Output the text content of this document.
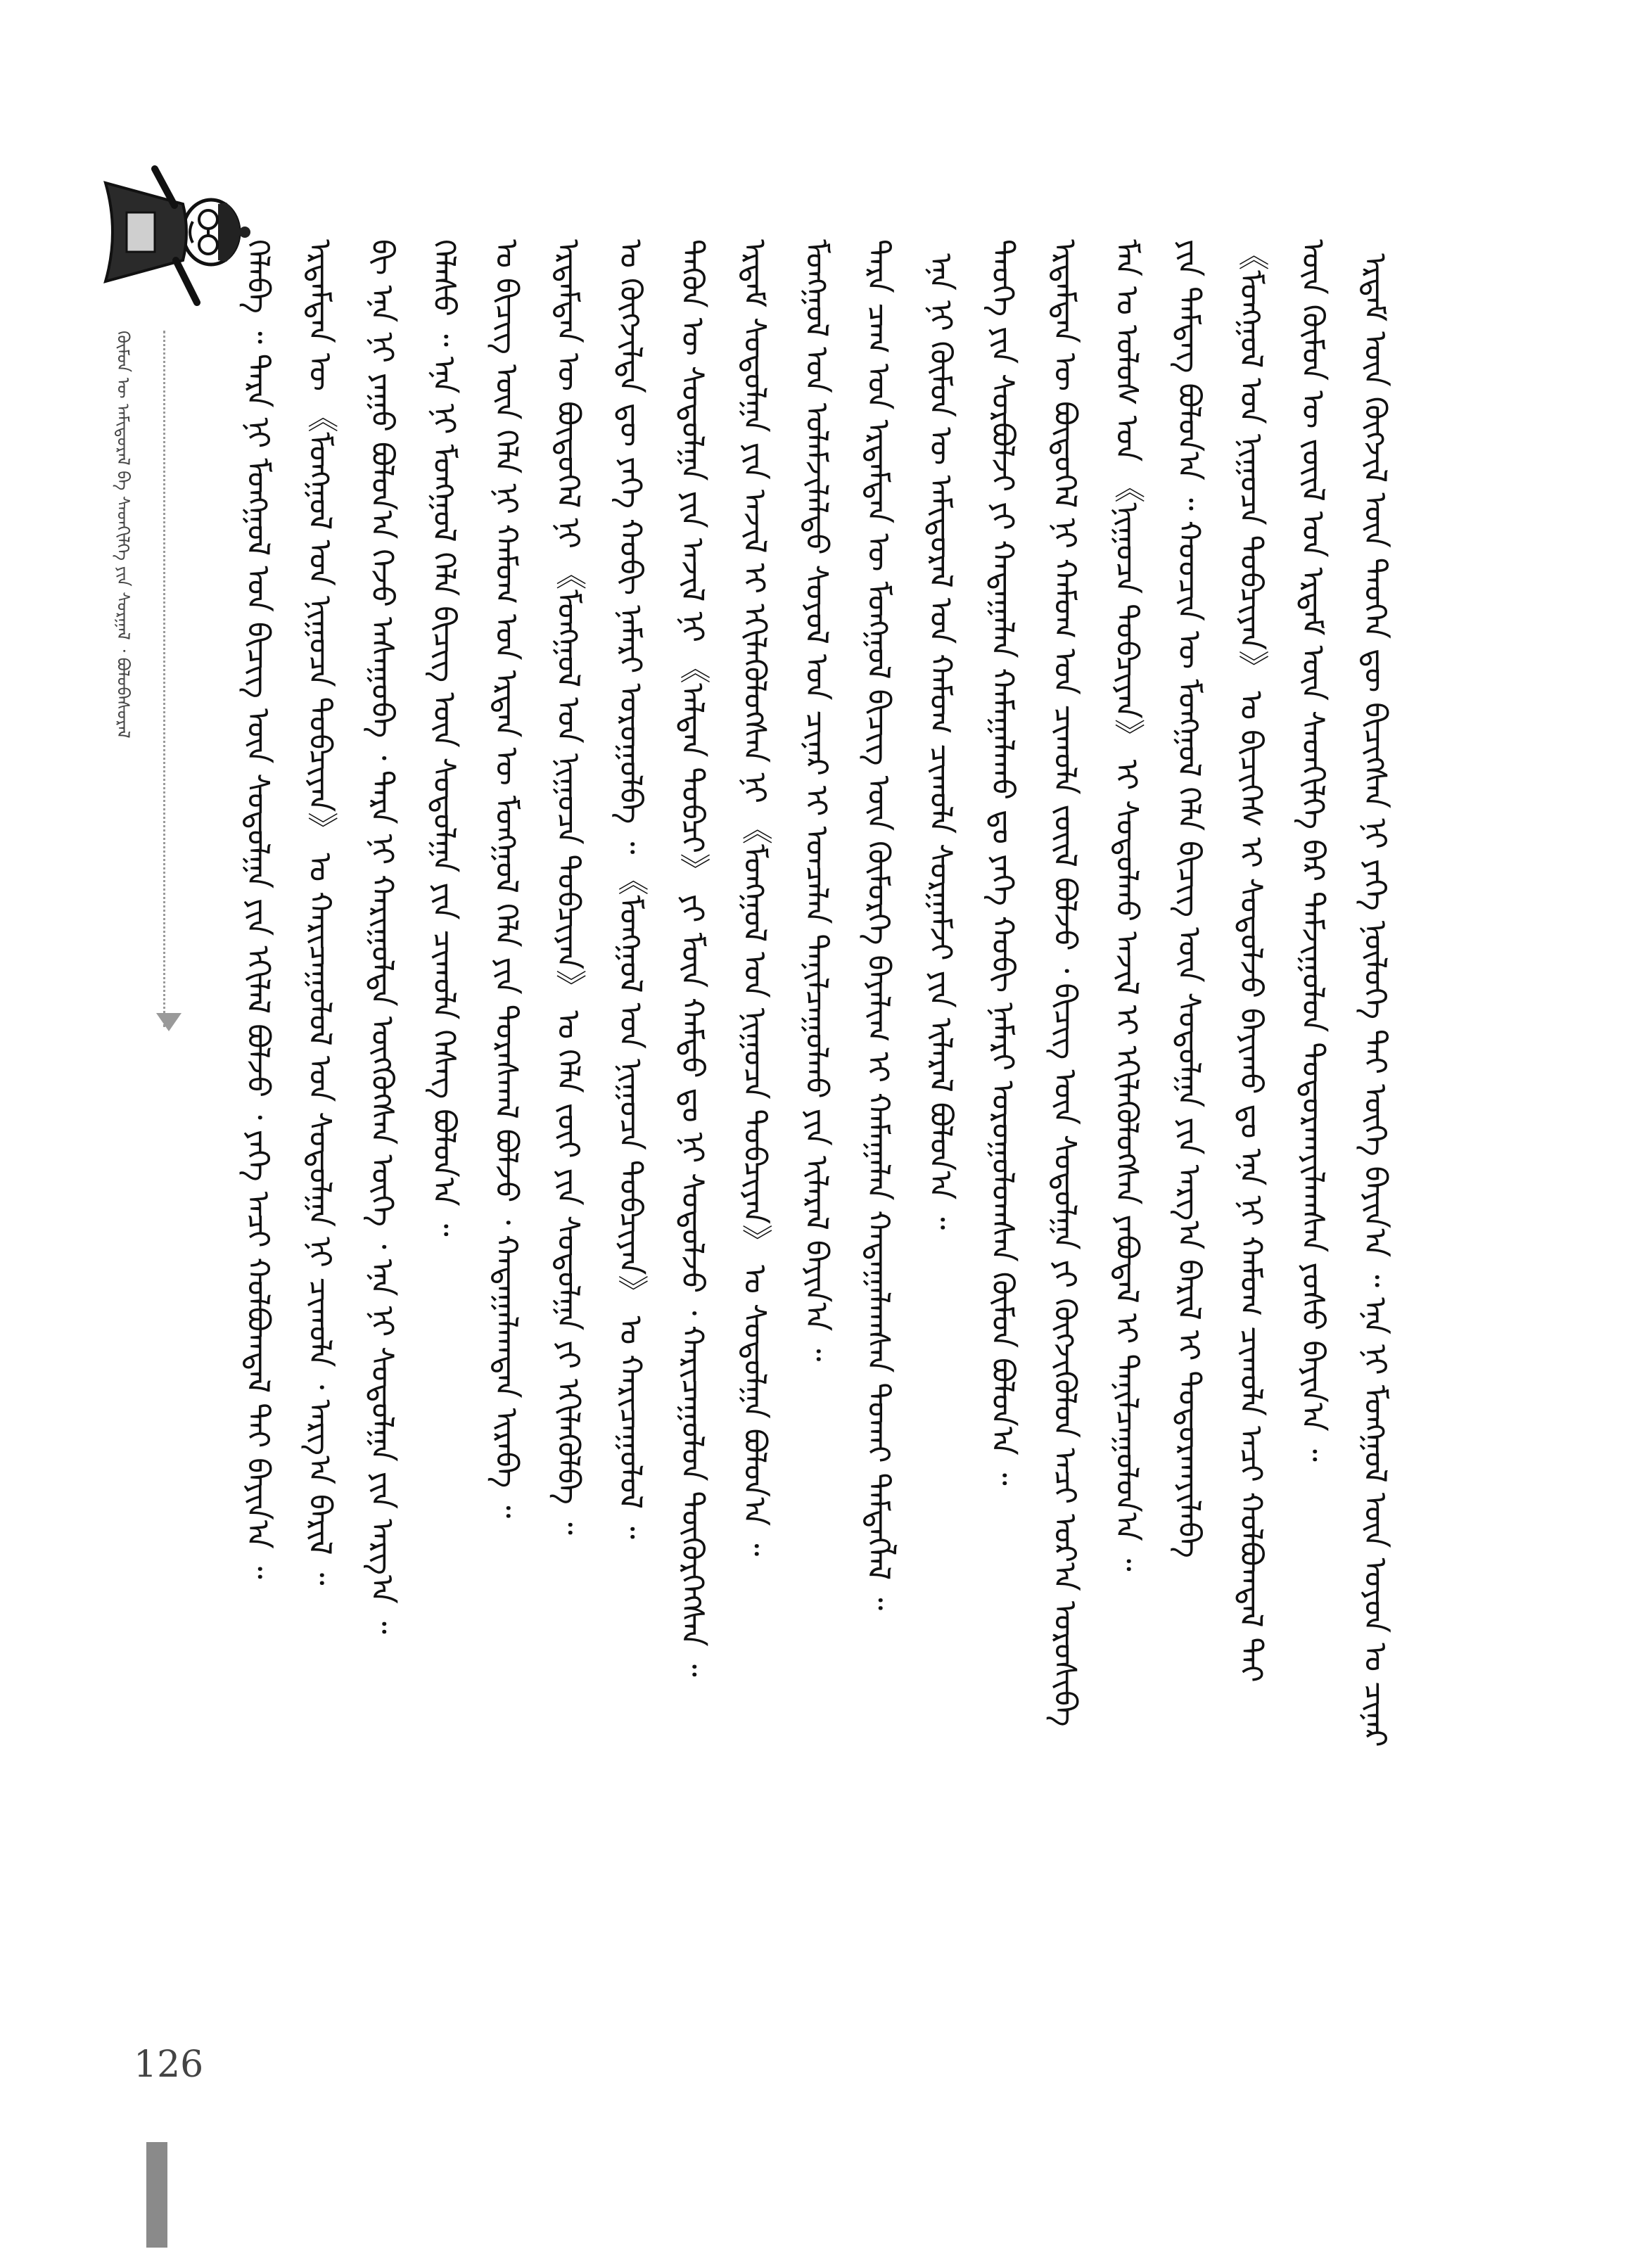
ᠬᠦᠮᠦᠨ ᠦ ᠠᠮᠢᠳᠤᠷᠠᠯ ᠪᠠ ᠰᠡᠳᠬᠢᠯᠭᠡ ᠶᠢᠨ ᠰᠤᠷᠭᠠᠯ ᠂ ᠪᠤᠯᠤᠪᠠᠰᠤᠷᠠᠯ	ᠬᠡᠯᠡᠪᠡ ᠃ ᠲᠡᠷᠡ ᠨᠢ ᠮᠣᠩᠭᠣᠯ ᠤᠨ ᠪᠢᠴᠢᠭ ᠦᠨ ᠰᠤᠳᠤᠯᠭᠠ ᠶᠢᠨ ᠡᠬᠢᠯᠡᠯ ᠪᠣᠯᠵᠤ ᠂ ᠶᠡᠬᠡ ᠠᠴᠢ ᠬᠣᠯᠪᠣᠭᠳᠠᠯ ᠲᠠᠢ ᠪᠠᠶᠢᠨ᠎ᠠ ᠃ ᠡᠷᠳᠡᠮᠲᠡᠨ ᠦ 《ᠮᠣᠩᠭᠣᠯ ᠤᠨ ᠨᠢᠭᠤᠴᠠ ᠲᠣᠪᠴᠢᠶᠠᠨ》 ᠤ ᠬᠠᠷᠢᠴᠠᠭᠤᠯᠤᠯ ᠤᠨ ᠰᠤᠳᠤᠯᠭᠠ ᠨᠢ ᠴᠢᠬᠤᠯᠠ ᠂ ᠠᠷᠭ᠎ᠠ ᠪᠠᠷᠢᠯ ᠃ ᠪᠢ ᠡᠨᠡ ᠨᠢ ᠶᠠᠭᠤ ᠪᠣᠯᠤᠨ᠎ᠠ ᠭᠡᠵᠦ ᠠᠰᠠᠭᠤᠪᠠ ᠂ ᠲᠡᠷᠡ ᠨᠢ ᠬᠠᠷᠢᠭᠤᠯᠲᠠ ᠥᠭᠭᠦᠭᠰᠡᠨ ᠦᠭᠡ ᠂ ᠡᠨᠡ ᠨᠢ ᠰᠤᠳᠤᠯᠭᠠ ᠶᠢᠨ ᠠᠷᠭ᠎ᠠ ᠃ ᠬᠡᠯᠡᠰᠦ ᠃ ᠡᠨᠡ ᠨᠢ ᠮᠣᠩᠭᠣᠯ ᠬᠡᠯᠡ ᠪᠢᠴᠢᠭ ᠦᠨ ᠰᠤᠳᠤᠯᠭᠠ ᠶᠢᠨ ᠴᠢᠬᠤᠯᠠ ᠬᠡᠰᠡᠭ ᠪᠣᠯᠤᠨ᠎ᠠ ᠃ ᠤ ᠪᠢᠴᠢᠭ ᠦᠨ ᠬᠡᠯᠡ ᠨᠢ ᠬᠠᠮᠤᠭ ᠤᠨ ᠡᠷᠲᠡᠨ ᠦ ᠮᠣᠩᠭᠣᠯ ᠬᠡᠯᠡ ᠶᠢᠨ ᠳᠤᠷᠠᠰᠬᠠᠯ ᠪᠣᠯᠵᠤ ᠂ ᠬᠠᠳᠠᠭᠠᠯᠠᠭᠳᠠᠨ ᠢᠷᠡᠪᠡ ᠃ ᠡᠷᠳᠡᠮᠲᠡᠨ ᠦ ᠪᠦᠲᠦᠭᠡᠯ ᠨᠢ 《ᠮᠣᠩᠭᠣᠯ ᠤᠨ ᠨᠢᠭᠤᠴᠠ ᠲᠣᠪᠴᠢᠶᠠᠨ》 ᠤ ᠬᠡᠯᠡ ᠵᠦᠢ ᠶᠢᠨ ᠰᠤᠳᠤᠯᠭᠠ ᠶᠢ ᠡᠬᠢᠯᠡᠭᠦᠯᠪᠡ ᠃ ᠤ ᠬᠥᠭᠵᠢᠯᠲᠡ ᠳᠦ ᠶᠡᠬᠡ ᠬᠤᠪᠢ ᠨᠡᠮᠡᠷᠢ ᠣᠷᠣᠭᠤᠯᠪᠠ ᠃ 《ᠮᠣᠩᠭᠣᠯ ᠤᠨ ᠨᠢᠭᠤᠴᠠ ᠲᠣᠪᠴᠢᠶᠠᠨ》 ᠤ ᠬᠠᠷᠢᠴᠠᠭᠤᠯᠤᠯ ᠃ ᠲᠡᠭᠦᠨ ᠦ ᠰᠤᠳᠤᠯᠭᠠ ᠶᠢᠨ ᠠᠵᠢᠯ ᠨᠢ 《ᠠᠯᠲᠠᠨ ᠲᠣᠪᠴᠢ》 ᠶᠢ ᠮᠥᠨ ᠬᠠᠮᠲᠤ ᠳᠤ ᠨᠢ ᠰᠤᠳᠤᠯᠵᠤ ᠂ ᠬᠠᠷᠢᠴᠠᠭᠤᠯᠤᠨ ᠳᠦᠭᠦᠷᠭᠡᠭᠰᠡᠨ ᠃ ᠡᠷᠳᠡᠮ ᠰᠤᠳᠤᠯᠭᠠ ᠶᠢᠨ ᠠᠵᠢᠯ ᠢ ᠡᠬᠢᠯᠡᠭᠦᠯᠦᠭᠰᠡᠨ ᠨᠢ 《ᠮᠣᠩᠭᠣᠯ ᠤᠨ ᠨᠢᠭᠤᠴᠠ ᠲᠣᠪᠴᠢᠶᠠᠨ》 ᠤ ᠰᠤᠳᠤᠯᠭᠠ ᠪᠣᠯᠤᠨ᠎ᠠ ᠃ ᠮᠣᠩᠭᠣᠯ ᠤᠨ ᠤᠯᠠᠮᠵᠢᠯᠠᠯᠳᠤ ᠰᠣᠶᠣᠯ ᠤᠨ ᠴᠢᠨᠠᠷ ᠢ ᠣᠨᠴᠠᠯᠠᠨ ᠲᠠᠨᠢᠯᠴᠠᠭᠤᠯᠬᠤ ᠶᠢᠨ ᠢᠯᠡᠷᠡᠯ ᠪᠠᠶᠢᠨ᠎ᠠ ᠃ ᠲᠡᠷᠡ ᠴᠠᠭ ᠤᠨ ᠡᠷᠳᠡᠮᠲᠡᠨ ᠦ ᠮᠣᠩᠭᠣᠯ ᠪᠢᠴᠢᠭ ᠦᠨ ᠬᠥᠮᠥᠷᠭᠡ ᠪᠠᠶᠠᠯᠢᠭ ᠢ ᠬᠠᠮᠠᠭᠠᠯᠠᠨ ᠬᠠᠳᠠᠭᠠᠯᠠᠭᠰᠠᠨ ᠲᠤᠬᠠᠢ ᠲᠡᠮᠳᠡᠭᠯᠡᠯ ᠃ ᠡᠨᠡ ᠨᠢ ᠬᠥᠮᠥᠨ ᠦ ᠠᠮᠢᠳᠤᠷᠠᠯ ᠤᠨ ᠬᠠᠮᠤᠭ ᠴᠢᠬᠤᠯᠠ ᠰᠤᠷᠭᠠᠮᠵᠢ ᠶᠢᠨ ᠢᠯᠡᠷᠡᠯ ᠪᠣᠯᠤᠨ᠎ᠠ ᠃ ᠲᠡᠦᠬᠡ ᠶᠢᠨ ᠰᠤᠷᠪᠤᠯᠵᠢ ᠶᠢ ᠬᠠᠳᠠᠭᠠᠯᠠᠨ ᠬᠠᠮᠠᠭᠠᠯᠠᠬᠤ ᠳᠤ ᠶᠡᠬᠡ ᠬᠤᠪᠢ ᠨᠡᠮᠡᠷᠢ ᠣᠷᠣᠭᠤᠯᠤᠭᠰᠠᠨ ᠬᠦᠮᠦᠨ ᠪᠣᠯᠤᠨ᠎ᠠ ᠃ ᠡᠷᠳᠡᠮᠲᠡᠨ ᠦ ᠪᠦᠲᠦᠭᠡᠯ ᠨᠢ ᠬᠠᠮᠤᠭ ᠤᠨ ᠴᠢᠬᠤᠯᠠ ᠵᠦᠢᠯ ᠪᠣᠯᠵᠤ ᠂ ᠪᠢᠴᠢᠭ ᠦᠨ ᠰᠤᠳᠤᠯᠭᠠ ᠶᠢ ᠬᠥᠭᠵᠢᠭᠦᠯᠦᠨ ᠠᠴᠢ ᠤᠷ᠎ᠠ ᠣᠷᠣᠰᠢᠪᠠ ᠮᠠᠨ ᠤ ᠤᠯᠤᠰ ᠤᠨ 《ᠨᠢᠭᠤᠴᠠ ᠲᠣᠪᠴᠢᠶᠠᠨ》 ᠢ ᠰᠤᠳᠤᠯᠬᠤ ᠠᠵᠢᠯ ᠢ ᠡᠬᠢᠯᠡᠭᠦᠯᠦᠭᠰᠡᠨ ᠶᠠᠪᠤᠳᠠᠯ ᠢ ᠲᠠᠨᠢᠯᠴᠠᠭᠤᠯᠤᠨ᠎ᠠ ᠃ ᠶᠢᠨ ᠲᠡᠮᠳᠡᠭ ᠪᠣᠯᠤᠨ᠎ᠠ ᠃ ᠬᠤᠤᠴᠢᠨ ᠦ ᠮᠣᠩᠭᠣᠯ ᠬᠡᠯᠡ ᠪᠢᠴᠢᠭ ᠦᠨ ᠰᠤᠳᠤᠯᠭᠠ ᠶᠢᠨ ᠠᠷᠭ᠎ᠠ ᠪᠠᠷᠢᠯ ᠢ ᠲᠣᠳᠤᠷᠬᠠᠶᠢᠯᠠᠪᠠ 《ᠮᠣᠩᠭᠣᠯ ᠤᠨ ᠨᠢᠭᠤᠴᠠ ᠲᠣᠪᠴᠢᠶᠠᠨ》 ᠤ ᠪᠢᠴᠢᠭᠡᠰ ᠢ ᠰᠤᠳᠤᠯᠵᠤ ᠪᠠᠶᠢᠬᠤ ᠳᠤ ᠡᠨᠡ ᠨᠢ ᠬᠠᠮᠤᠭ ᠴᠢᠬᠤᠯᠠ ᠠᠴᠢ ᠬᠣᠯᠪᠣᠭᠳᠠᠯ ᠲᠠᠢ ᠦᠨ ᠬᠦᠮᠦᠨ ᠦ ᠵᠦᠢᠯ ᠤᠨ ᠡᠷᠳᠡᠮ ᠦᠨ ᠰᠡᠳᠬᠢᠯᠭᠡ ᠪᠡᠷ ᠳᠠᠮᠵᠢᠭᠤᠯᠤᠨ ᠲᠣᠳᠤᠷᠬᠠᠶᠢᠯᠠᠭᠰᠠᠨ ᠶᠣᠰᠣ ᠪᠠᠶᠢᠨ᠎ᠠ ᠃ ᠡᠷᠳᠡᠮ ᠦᠨ ᠬᠥᠭᠵᠢᠯ ᠦᠨ ᠲᠡᠦᠬᠡᠨ ᠳᠦ ᠪᠢᠴᠢᠭᠰᠡᠨ ᠨᠢ ᠶᠡᠬᠡ ᠨᠥᠯᠦᠭᠡ ᠲᠠᠢ ᠦᠭᠡ ᠪᠠᠶᠢᠨ᠎ᠠ ᠃ ᠡᠨᠡ ᠨᠢ ᠮᠣᠩᠭᠣᠯ ᠦᠨ ᠣᠶᠤᠨ ᠤ ᠴᠢᠨᠠᠷ
126
